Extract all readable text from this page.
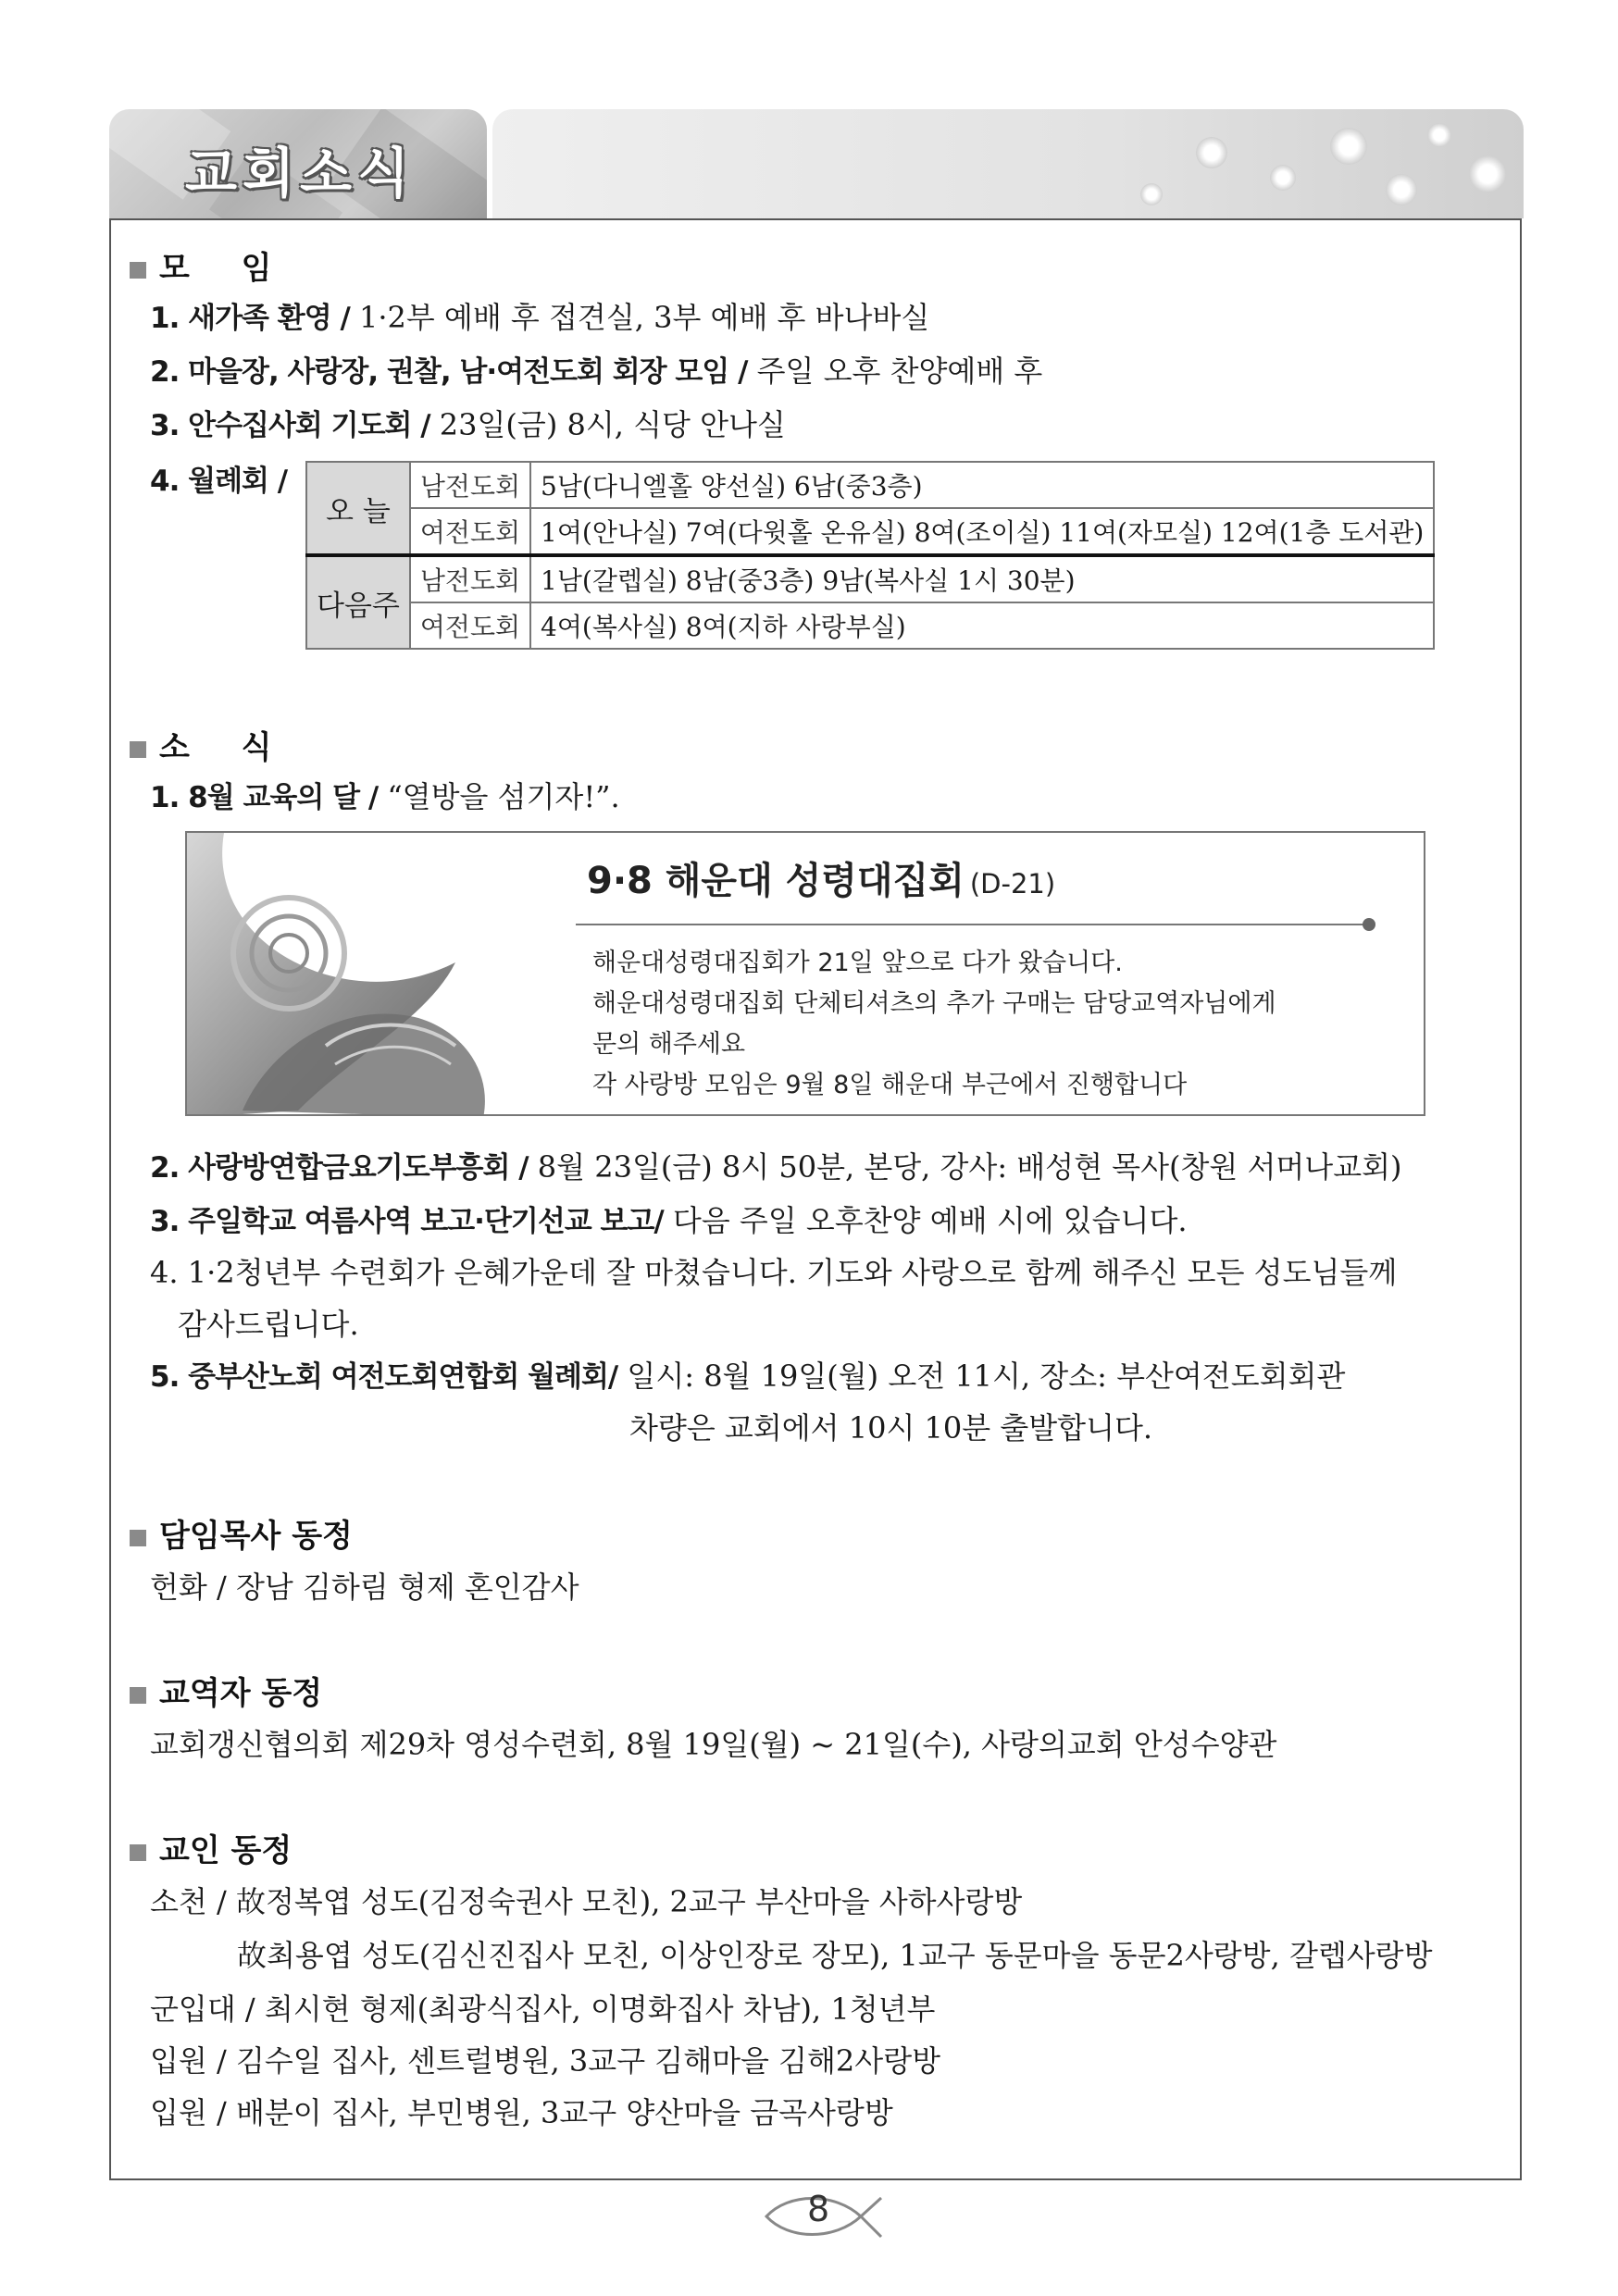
교회소식
모 임
1. 새가족 환영 / 1·2부 예배 후 접견실, 3부 예배 후 바나바실
2. 마을장, 사랑장, 권찰, 남·여전도회 회장 모임 / 주일 오후 찬양예배 후
3. 안수집사회 기도회 / 23일(금) 8시, 식당 안나실
4. 월례회 /
오 늘	남전도회	5남(다니엘홀 양선실) 6남(중3층)
	여전도회	1여(안나실) 7여(다윗홀 온유실) 8여(조이실) 11여(자모실) 12여(1층 도서관)
다음주	남전도회	1남(갈렙실) 8남(중3층) 9남(복사실 1시 30분)
	여전도회	4여(복사실) 8여(지하 사랑부실)
소 식
1. 8월 교육의 달 / “열방을 섬기자!”.
9·8 해운대 성령대집회 (D-21)
해운대성령대집회가 21일 앞으로 다가 왔습니다.
해운대성령대집회 단체티셔츠의 추가 구매는 담당교역자님에게
문의 해주세요
각 사랑방 모임은 9월 8일 해운대 부근에서 진행합니다
2. 사랑방연합금요기도부흥회 / 8월 23일(금) 8시 50분, 본당, 강사: 배성현 목사(창원 서머나교회)
3. 주일학교 여름사역 보고·단기선교 보고/ 다음 주일 오후찬양 예배 시에 있습니다.
4. 1·2청년부 수련회가 은혜가운데 잘 마쳤습니다. 기도와 사랑으로 함께 해주신 모든 성도님들께
감사드립니다.
5. 중부산노회 여전도회연합회 월례회/ 일시: 8월 19일(월) 오전 11시, 장소: 부산여전도회회관
차량은 교회에서 10시 10분 출발합니다.
담임목사 동정
헌화 / 장남 김하림 형제 혼인감사
교역자 동정
교회갱신협의회 제29차 영성수련회, 8월 19일(월) ~ 21일(수), 사랑의교회 안성수양관
교인 동정
소천 / 故정복엽 성도(김정숙권사 모친), 2교구 부산마을 사하사랑방
故최용엽 성도(김신진집사 모친, 이상인장로 장모), 1교구 동문마을 동문2사랑방, 갈렙사랑방
군입대 / 최시현 형제(최광식집사, 이명화집사 차남), 1청년부
입원 / 김수일 집사, 센트럴병원, 3교구 김해마을 김해2사랑방
입원 / 배분이 집사, 부민병원, 3교구 양산마을 금곡사랑방
8
